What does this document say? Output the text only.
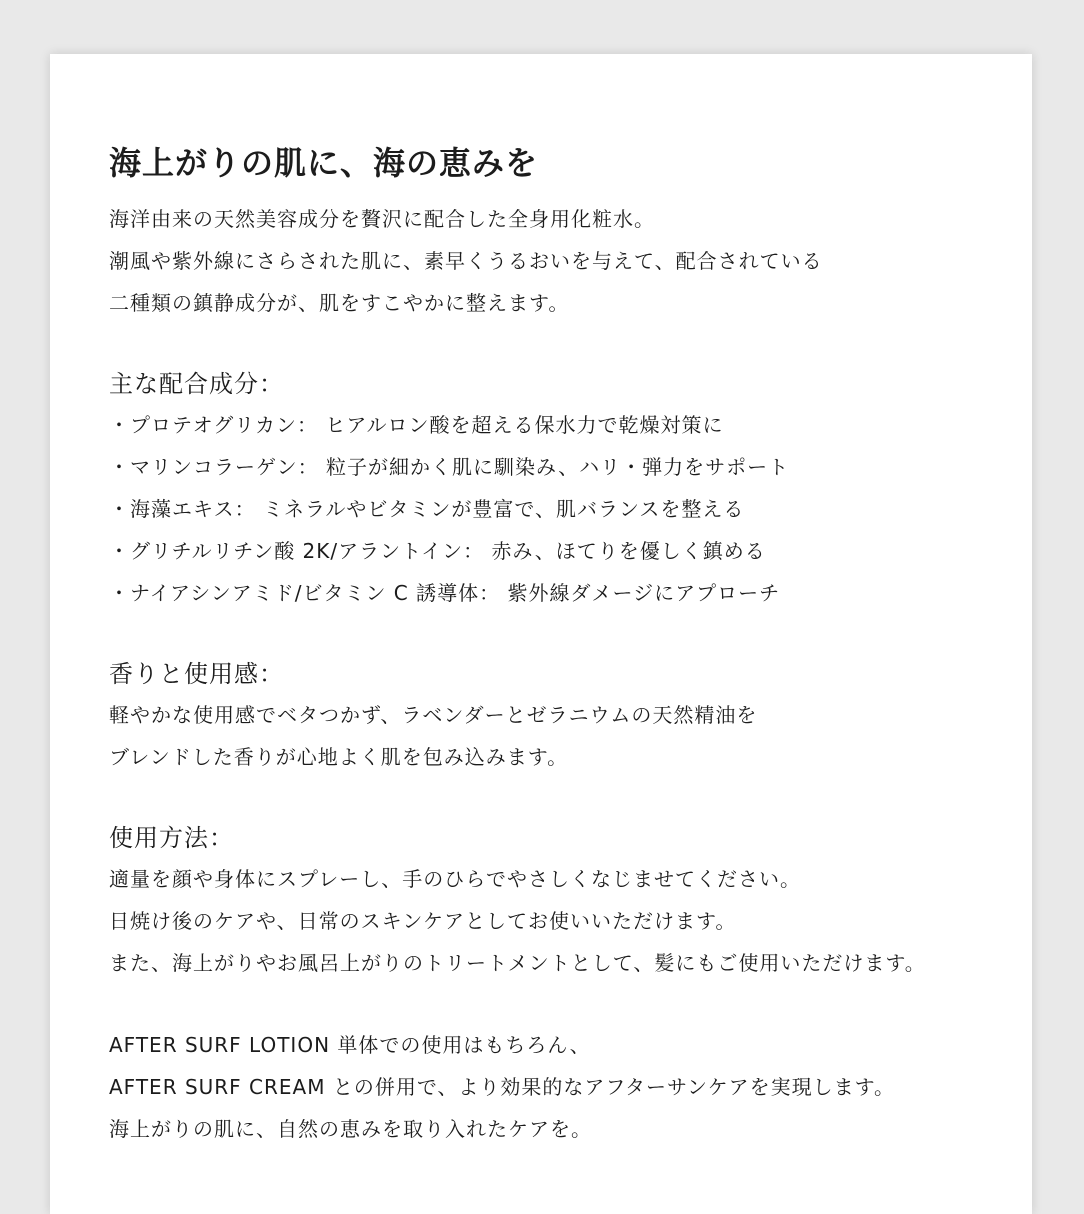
海上がりの肌に、海の恵みを
海洋由来の天然美容成分を贅沢に配合した全身用化粧水。
潮風や紫外線にさらされた肌に、素早くうるおいを与えて、配合されている
二種類の鎮静成分が、肌をすこやかに整えます。
主な配合成分：
・プロテオグリカン： ヒアルロン酸を超える保水力で乾燥対策に
・マリンコラーゲン： 粒子が細かく肌に馴染み、ハリ・弾力をサポート
・海藻エキス： ミネラルやビタミンが豊富で、肌バランスを整える
・グリチルリチン酸 2K/アラントイン： 赤み、ほてりを優しく鎮める
・ナイアシンアミド/ビタミン C 誘導体： 紫外線ダメージにアプローチ
香りと使用感：
軽やかな使用感でベタつかず、ラベンダーとゼラニウムの天然精油を
ブレンドした香りが心地よく肌を包み込みます。
使用方法：
適量を顔や身体にスプレーし、手のひらでやさしくなじませてください。
日焼け後のケアや、日常のスキンケアとしてお使いいただけます。
また、海上がりやお風呂上がりのトリートメントとして、髪にもご使用いただけます。
AFTER SURF LOTION 単体での使用はもちろん、
AFTER SURF CREAM との併用で、より効果的なアフターサンケアを実現します。
海上がりの肌に、自然の恵みを取り入れたケアを。
